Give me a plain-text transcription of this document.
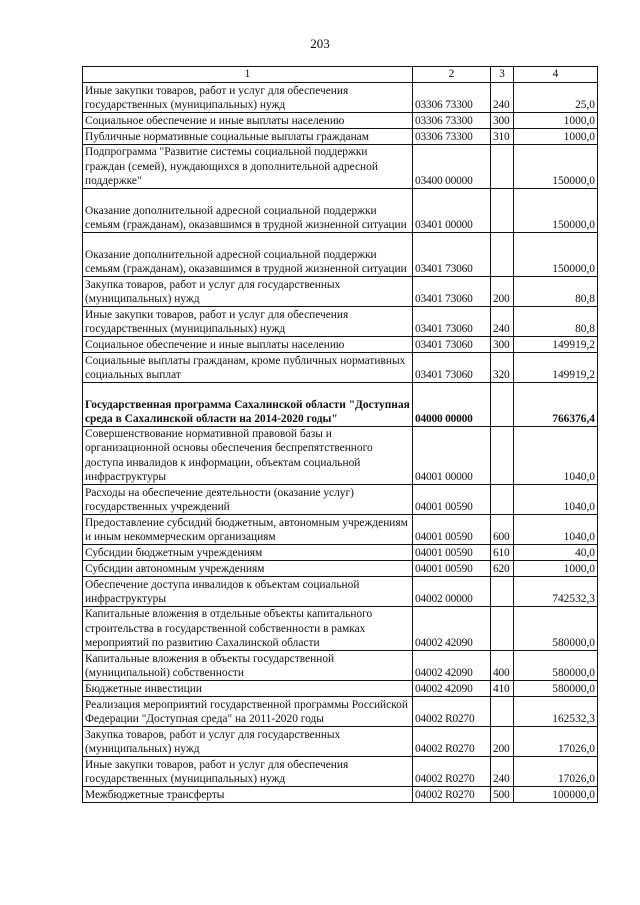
203
1	2	3	4
Иные закупки товаров, работ и услуг для обеспечения государственных (муниципальных) нужд	03306 73300	240	25,0
Социальное обеспечение и иные выплаты населению	03306 73300	300	1000,0
Публичные нормативные социальные выплаты гражданам	03306 73300	310	1000,0
Подпрограмма "Развитие системы социальной поддержки граждан (семей), нуждающихся в дополнительной адресной поддержке"	03400 00000		150000,0
Оказание дополнительной адресной социальной поддержки семьям (гражданам), оказавшимся в трудной жизненной ситуации	03401 00000		150000,0
Оказание дополнительной адресной социальной поддержки семьям (гражданам), оказавшимся в трудной жизненной ситуации	03401 73060		150000,0
Закупка товаров, работ и услуг для государственных (муниципальных) нужд	03401 73060	200	80,8
Иные закупки товаров, работ и услуг для обеспечения государственных (муниципальных) нужд	03401 73060	240	80,8
Социальное обеспечение и иные выплаты населению	03401 73060	300	149919,2
Социальные выплаты гражданам, кроме публичных нормативных социальных выплат	03401 73060	320	149919,2
Государственная программа Сахалинской области "Доступная среда в Сахалинской области на 2014-2020 годы"	04000 00000		766376,4
Совершенствование нормативной правовой базы и организационной основы обеспечения беспрепятственного доступа инвалидов к информации, объектам социальной инфраструктуры	04001 00000		1040,0
Расходы на обеспечение деятельности (оказание услуг) государственных учреждений	04001 00590		1040,0
Предоставление субсидий бюджетным, автономным учреждениям и иным некоммерческим организациям	04001 00590	600	1040,0
Субсидии бюджетным учреждениям	04001 00590	610	40,0
Субсидии автономным учреждениям	04001 00590	620	1000,0
Обеспечение доступа инвалидов к объектам социальной инфраструктуры	04002 00000		742532,3
Капитальные вложения в отдельные объекты капитального строительства в государственной собственности в рамках мероприятий по развитию Сахалинской области	04002 42090		580000,0
Капитальные вложения в объекты государственной (муниципальной) собственности	04002 42090	400	580000,0
Бюджетные инвестиции	04002 42090	410	580000,0
Реализация мероприятий государственной программы Российской Федерации "Доступная среда" на 2011-2020 годы	04002 R0270		162532,3
Закупка товаров, работ и услуг для государственных (муниципальных) нужд	04002 R0270	200	17026,0
Иные закупки товаров, работ и услуг для обеспечения государственных (муниципальных) нужд	04002 R0270	240	17026,0
Межбюджетные трансферты	04002 R0270	500	100000,0
